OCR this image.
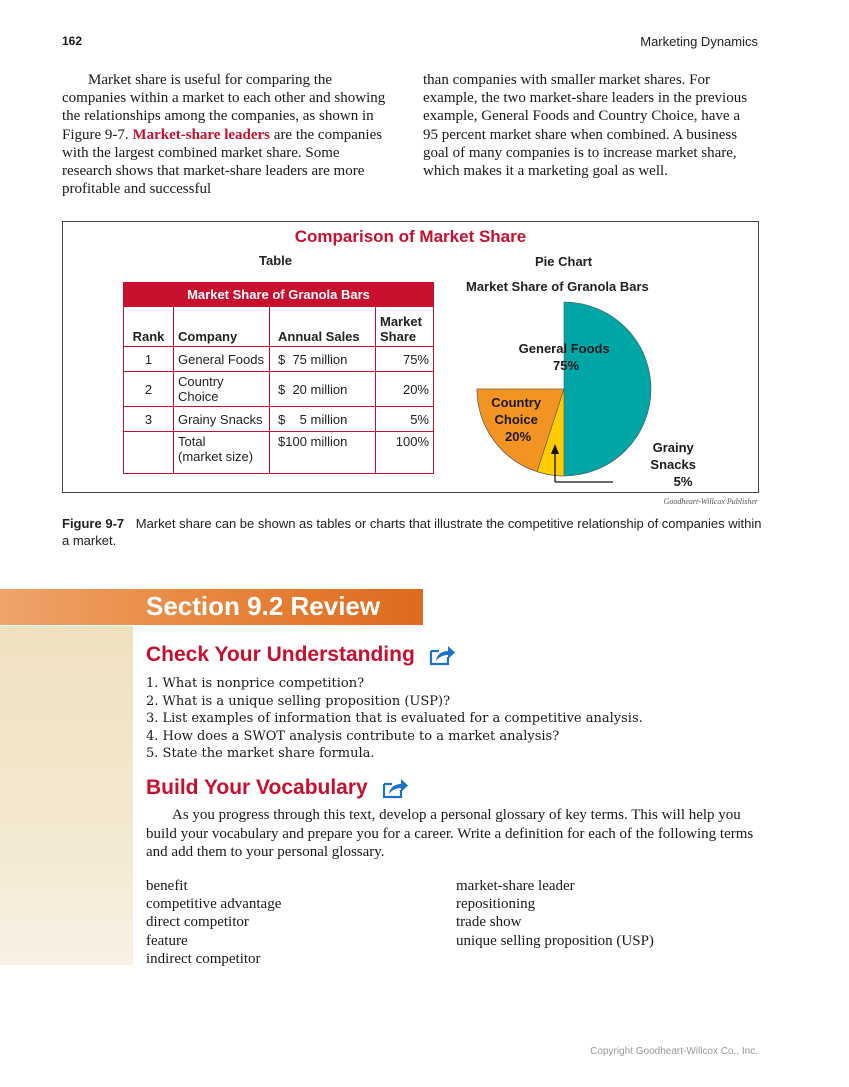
162	Marketing Dynamics

Market share is useful for comparing the companies within a market to each other and showing the relationships among the companies, as shown in Figure 9-7. Market-share leaders are the companies with the largest combined market share. Some research shows that market-share leaders are more profitable and successful

than companies with smaller market shares. For example, the two market-share leaders in the previous example, General Foods and Country Choice, have a 95 percent market share when combined. A business goal of many companies is to increase market share, which makes it a marketing goal as well.

Comparison of Market Share
Table	Pie Chart
Market Share of Granola Bars
Market Share of Granola Bars			
Rank	Company	Annual Sales	Market
Share
1	General Foods	$  75 million	75%
2	Country Choice	$  20 million	20%
3	Grainy Snacks	$    5 million	5%
	Total
(market size)	$100 million	100%
General Foods 75%
Country Choice 20%
Grainy Snacks 5%
Goodheart-Willcox Publisher
Figure 9-7 Market share can be shown as tables or charts that illustrate the competitive relationship of companies within a market.
Section 9.2 Review
Check Your Understanding
1. What is nonprice competition?
2. What is a unique selling proposition (USP)?
3. List examples of information that is evaluated for a competitive analysis.
4. How does a SWOT analysis contribute to a market analysis?
5. State the market share formula.
Build Your Vocabulary

As you progress through this text, develop a personal glossary of key terms. This will help you build your vocabulary and prepare you for a career. Write a definition for each of the following terms and add them to your personal glossary.

benefit
competitive advantage
direct competitor
feature
indirect competitor
market-share leader
repositioning
trade show
unique selling proposition (USP)
Copyright Goodheart-Willcox Co., Inc.
